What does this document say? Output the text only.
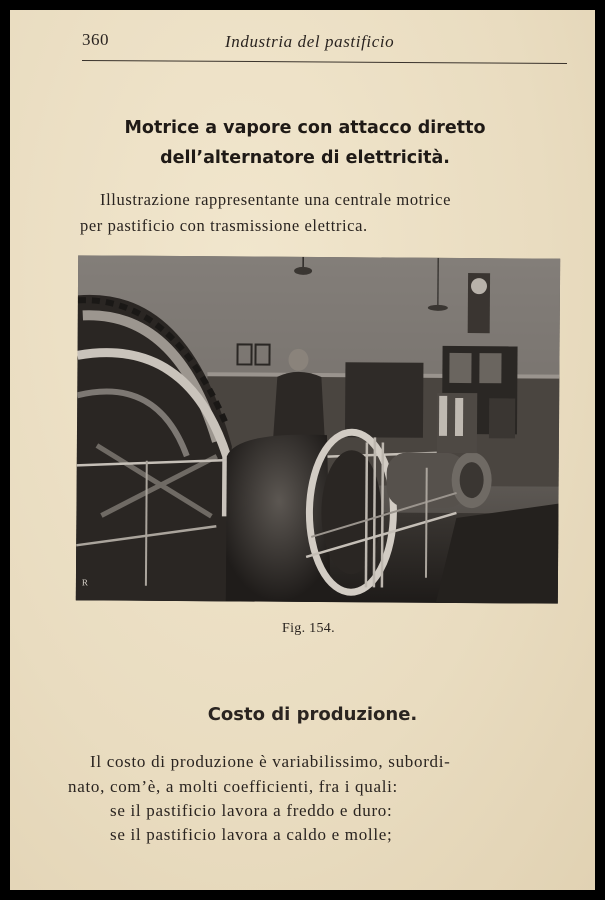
360	Industria del pastificio
Motrice a vapore con attacco diretto
dell’alternatore di elettricità.
Illustrazione rappresentante una centrale motrice
per pastificio con trasmissione elettrica.
R
Fig. 154.
Costo di produzione.
Il costo di produzione è variabilissimo, subordi-
nato, com’è, a molti coefficienti, fra i quali:
se il pastificio lavora a freddo e duro:
se il pastificio lavora a caldo e molle;
